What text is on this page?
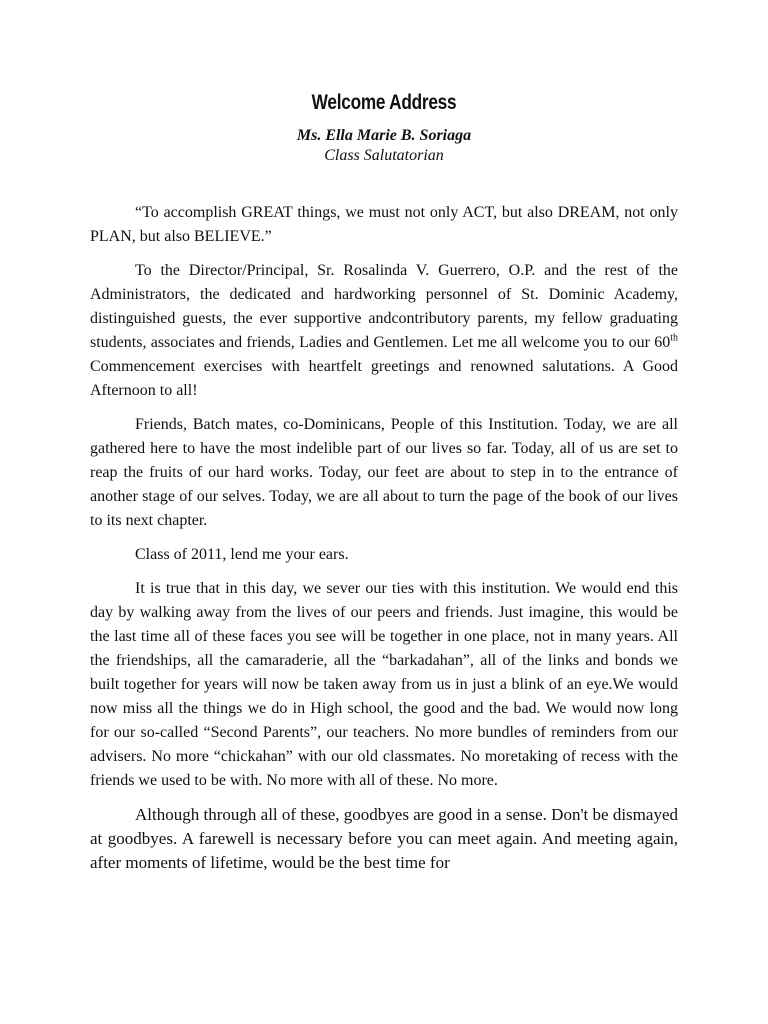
Welcome Address

Ms. Ella Marie B. Soriaga

Class Salutatorian

“To accomplish GREAT things, we must not only ACT, but also DREAM, not only PLAN, but also BELIEVE.”

To the Director/Principal, Sr. Rosalinda V. Guerrero, O.P. and the rest of the Administrators, the dedicated and hardworking personnel of St. Dominic Academy, distinguished guests, the ever supportive andcontributory parents, my fellow graduating students, associates and friends, Ladies and Gentlemen. Let me all welcome you to our 60th Commencement exercises with heartfelt greetings and renowned salutations. A Good Afternoon to all!

Friends, Batch mates, co-Dominicans, People of this Institution. Today, we are all gathered here to have the most indelible part of our lives so far. Today, all of us are set to reap the fruits of our hard works. Today, our feet are about to step in to the entrance of another stage of our selves. Today, we are all about to turn the page of the book of our lives to its next chapter.

Class of 2011, lend me your ears.

It is true that in this day, we sever our ties with this institution. We would end this day by walking away from the lives of our peers and friends. Just imagine, this would be the last time all of these faces you see will be together in one place, not in many years. All the friendships, all the camaraderie, all the “barkadahan”, all of the links and bonds we built together for years will now be taken away from us in just a blink of an eye.We would now miss all the things we do in High school, the good and the bad. We would now long for our so-called “Second Parents”, our teachers. No more bundles of reminders from our advisers. No more “chickahan” with our old classmates. No moretaking of recess with the friends we used to be with. No more with all of these. No more.

Although through all of these, goodbyes are good in a sense. Don't be dismayed at goodbyes. A farewell is necessary before you can meet again. And meeting again, after moments of lifetime, would be the best time for
